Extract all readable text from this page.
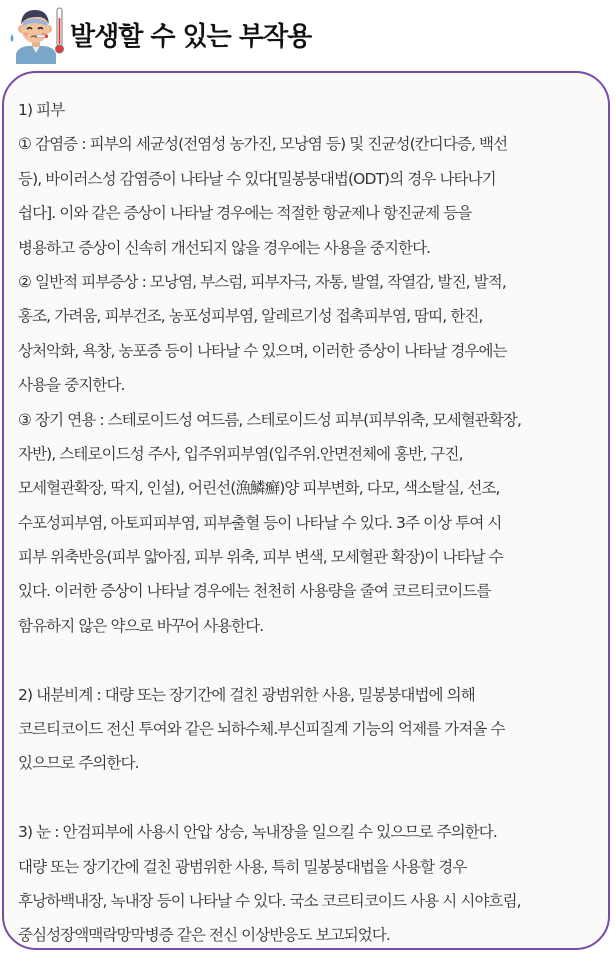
발생할 수 있는 부작용
1) 피부
① 감염증 : 피부의 세균성(전염성 농가진, 모낭염 등) 및 진균성(칸디다증, 백선
등), 바이러스성 감염증이 나타날 수 있다[밀봉붕대법(ODT)의 경우 나타나기
쉽다]. 이와 같은 증상이 나타날 경우에는 적절한 항균제나 항진균제 등을
병용하고 증상이 신속히 개선되지 않을 경우에는 사용을 중지한다.
② 일반적 피부증상 : 모낭염, 부스럼, 피부자극, 자통, 발열, 작열감, 발진, 발적,
홍조, 가려움, 피부건조, 농포성피부염, 알레르기성 접촉피부염, 땀띠, 한진,
상처악화, 욕창, 농포증 등이 나타날 수 있으며, 이러한 증상이 나타날 경우에는
사용을 중지한다.
③ 장기 연용 : 스테로이드성 여드름, 스테로이드성 피부(피부위축, 모세혈관확장,
자반), 스테로이드성 주사, 입주위피부염(입주위.안면전체에 홍반, 구진,
모세혈관확장, 딱지, 인설), 어린선(漁鱗癬)양 피부변화, 다모, 색소탈실, 선조,
수포성피부염, 아토피피부염, 피부출혈 등이 나타날 수 있다. 3주 이상 투여 시
피부 위축반응(피부 얇아짐, 피부 위축, 피부 변색, 모세혈관 확장)이 나타날 수
있다. 이러한 증상이 나타날 경우에는 천천히 사용량을 줄여 코르티코이드를
함유하지 않은 약으로 바꾸어 사용한다.
2) 내분비계 : 대량 또는 장기간에 걸친 광범위한 사용, 밀봉붕대법에 의해
코르티코이드 전신 투여와 같은 뇌하수체.부신피질계 기능의 억제를 가져올 수
있으므로 주의한다.
3) 눈 : 안검피부에 사용시 안압 상승, 녹내장을 일으킬 수 있으므로 주의한다.
대량 또는 장기간에 걸친 광범위한 사용, 특히 밀봉붕대법을 사용할 경우
후낭하백내장, 녹내장 등이 나타날 수 있다. 국소 코르티코이드 사용 시 시야흐림,
중심성장액맥락망막병증 같은 전신 이상반응도 보고되었다.
